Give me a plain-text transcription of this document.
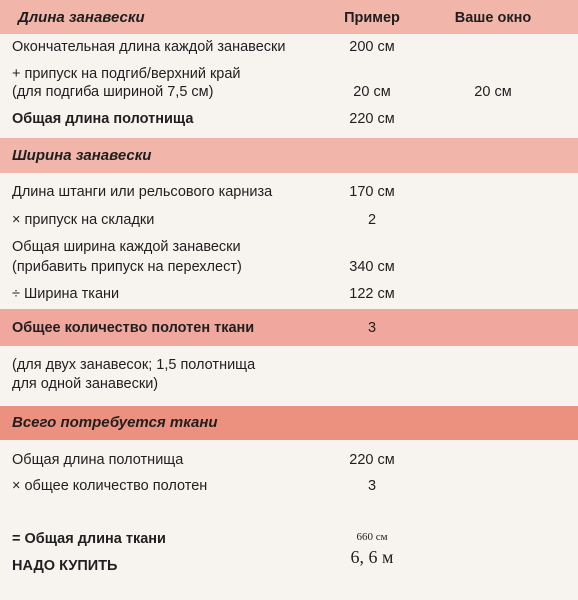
Длина занавески	Пример	Ваше окно
Окончательная длина каждой занавески	200 см
+ припуск на подгиб/верхний край
(для подгиба шириной 7,5 см)	20 см	20 см
Общая длина полотнища	220 см
Ширина занавески
Длина штанги или рельсового карниза	170 см
× припуск на складки	2
Общая ширина каждой занавески
(прибавить припуск на перехлест)	340 см
÷ Ширина ткани	122 см
Общее количество полотен ткани	3
(для двух занавесок; 1,5 полотнища
для одной занавески)
Всего потребуется ткани
Общая длина полотнища	220 см
× общее количество полотен	3
= Общая длина ткани	660 см
НАДО КУПИТЬ	6, 6 м
